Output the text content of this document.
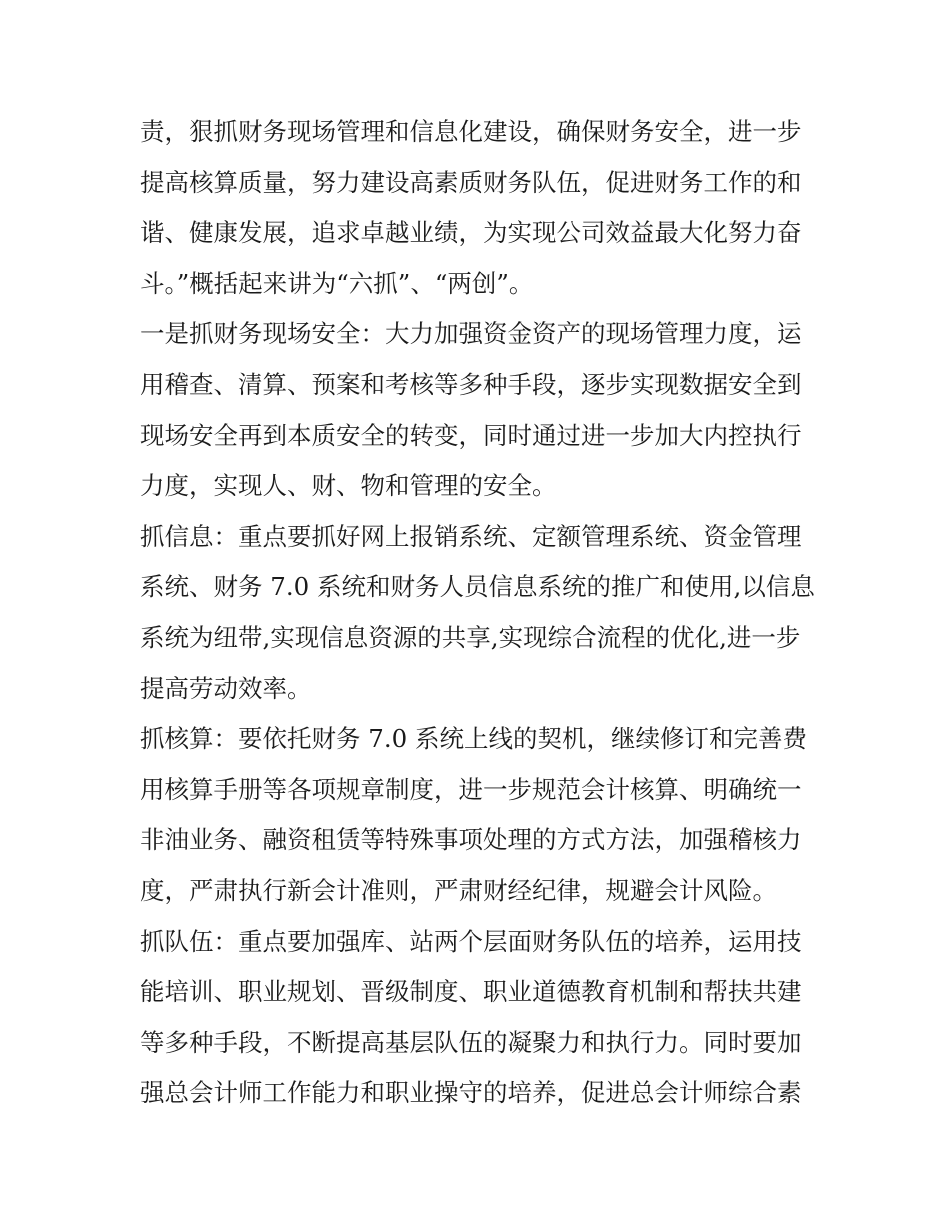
责，狠抓财务现场管理和信息化建设，确保财务安全，进一步
提高核算质量，努力建设高素质财务队伍，促进财务工作的和
谐、健康发展，追求卓越业绩，为实现公司效益最大化努力奋
斗。”概括起来讲为“六抓”、“两创”。
一是抓财务现场安全：大力加强资金资产的现场管理力度，运
用稽查、清算、预案和考核等多种手段，逐步实现数据安全到
现场安全再到本质安全的转变，同时通过进一步加大内控执行
力度，实现人、财、物和管理的安全。
抓信息：重点要抓好网上报销系统、定额管理系统、资金管理
系统、财务 7.0 系统和财务人员信息系统的推广和使用,以信息
系统为纽带,实现信息资源的共享,实现综合流程的优化,进一步
提高劳动效率。
抓核算：要依托财务 7.0 系统上线的契机，继续修订和完善费
用核算手册等各项规章制度，进一步规范会计核算、明确统一
非油业务、融资租赁等特殊事项处理的方式方法，加强稽核力
度，严肃执行新会计准则，严肃财经纪律，规避会计风险。
抓队伍：重点要加强库、站两个层面财务队伍的培养，运用技
能培训、职业规划、晋级制度、职业道德教育机制和帮扶共建
等多种手段，不断提高基层队伍的凝聚力和执行力。同时要加
强总会计师工作能力和职业操守的培养，促进总会计师综合素
